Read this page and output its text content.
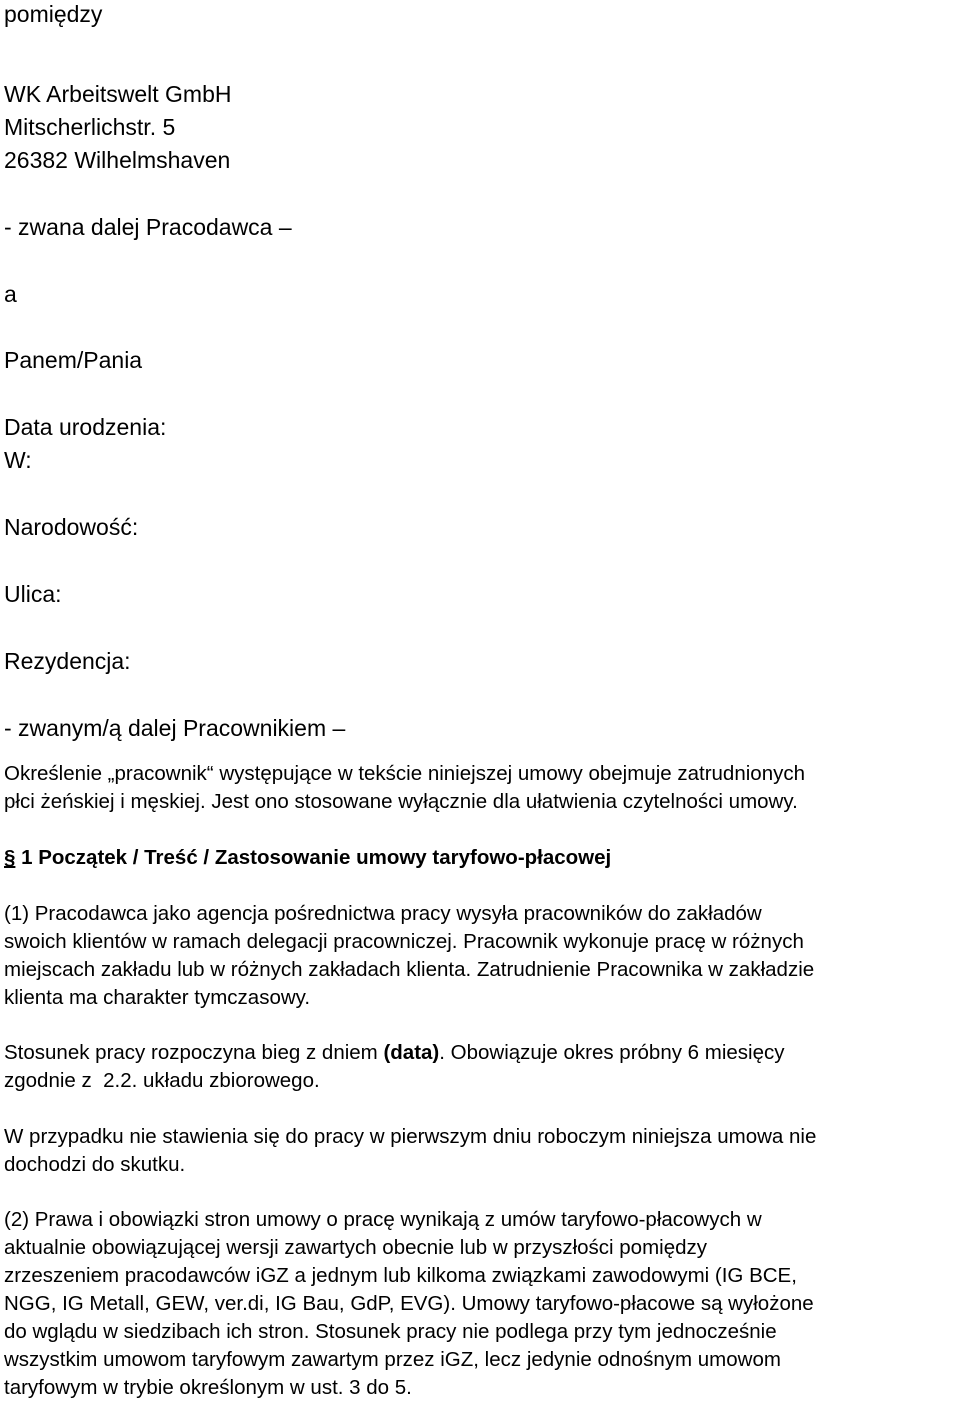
pomiędzy
WK Arbeitswelt GmbH
Mitscherlichstr. 5
26382 Wilhelmshaven
- zwana dalej Pracodawca –
a
Panem/Pania
Data urodzenia:
W:
Narodowość:
Ulica:
Rezydencja:
- zwanym/ą dalej Pracownikiem –
Określenie „pracownik“ występujące w tekście niniejszej umowy obejmuje zatrudnionych
płci żeńskiej i męskiej. Jest ono stosowane wyłącznie dla ułatwienia czytelności umowy.
§ 1 Początek / Treść / Zastosowanie umowy taryfowo-płacowej
(1) Pracodawca jako agencja pośrednictwa pracy wysyła pracowników do zakładów
swoich klientów w ramach delegacji pracowniczej. Pracownik wykonuje pracę w różnych
miejscach zakładu lub w różnych zakładach klienta. Zatrudnienie Pracownika w zakładzie
klienta ma charakter tymczasowy.
Stosunek pracy rozpoczyna bieg z dniem (data). Obowiązuje okres próbny 6 miesięcy
zgodnie z  2.2. układu zbiorowego.
W przypadku nie stawienia się do pracy w pierwszym dniu roboczym niniejsza umowa nie
dochodzi do skutku.
(2) Prawa i obowiązki stron umowy o pracę wynikają z umów taryfowo-płacowych w
aktualnie obowiązującej wersji zawartych obecnie lub w przyszłości pomiędzy
zrzeszeniem pracodawców iGZ a jednym lub kilkoma związkami zawodowymi (IG BCE,
NGG, IG Metall, GEW, ver.di, IG Bau, GdP, EVG). Umowy taryfowo-płacowe są wyłożone
do wglądu w siedzibach ich stron. Stosunek pracy nie podlega przy tym jednocześnie
wszystkim umowom taryfowym zawartym przez iGZ, lecz jedynie odnośnym umowom
taryfowym w trybie określonym w ust. 3 do 5.
